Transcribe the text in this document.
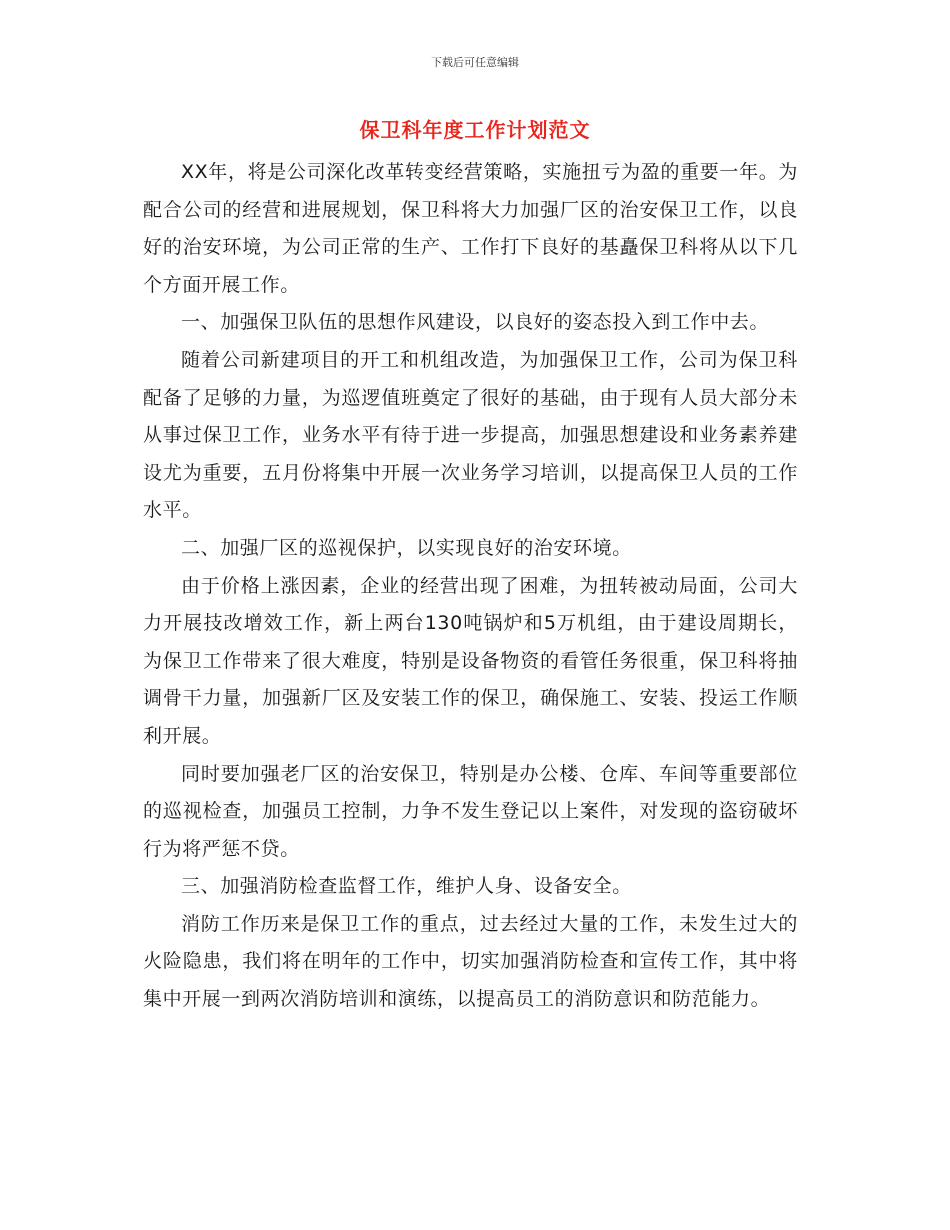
下载后可任意编辑
保卫科年度工作计划范文

XX年，将是公司深化改革转变经营策略，实施扭亏为盈的重要一年。为配合公司的经营和进展规划，保卫科将大力加强厂区的治安保卫工作，以良好的治安环境，为公司正常的生产、工作打下良好的基矗保卫科将从以下几个方面开展工作。

一、加强保卫队伍的思想作风建设，以良好的姿态投入到工作中去。

随着公司新建项目的开工和机组改造，为加强保卫工作，公司为保卫科配备了足够的力量，为巡逻值班奠定了很好的基础，由于现有人员大部分未从事过保卫工作，业务水平有待于进一步提高，加强思想建设和业务素养建设尤为重要，五月份将集中开展一次业务学习培训，以提高保卫人员的工作水平。

二、加强厂区的巡视保护，以实现良好的治安环境。

由于价格上涨因素，企业的经营出现了困难，为扭转被动局面，公司大力开展技改增效工作，新上两台130吨锅炉和5万机组，由于建设周期长，为保卫工作带来了很大难度，特别是设备物资的看管任务很重，保卫科将抽调骨干力量，加强新厂区及安装工作的保卫，确保施工、安装、投运工作顺利开展。

同时要加强老厂区的治安保卫，特别是办公楼、仓库、车间等重要部位的巡视检查，加强员工控制，力争不发生登记以上案件，对发现的盗窃破坏行为将严惩不贷。

三、加强消防检查监督工作，维护人身、设备安全。

消防工作历来是保卫工作的重点，过去经过大量的工作，未发生过大的火险隐患，我们将在明年的工作中，切实加强消防检查和宣传工作，其中将集中开展一到两次消防培训和演练，以提高员工的消防意识和防范能力。
